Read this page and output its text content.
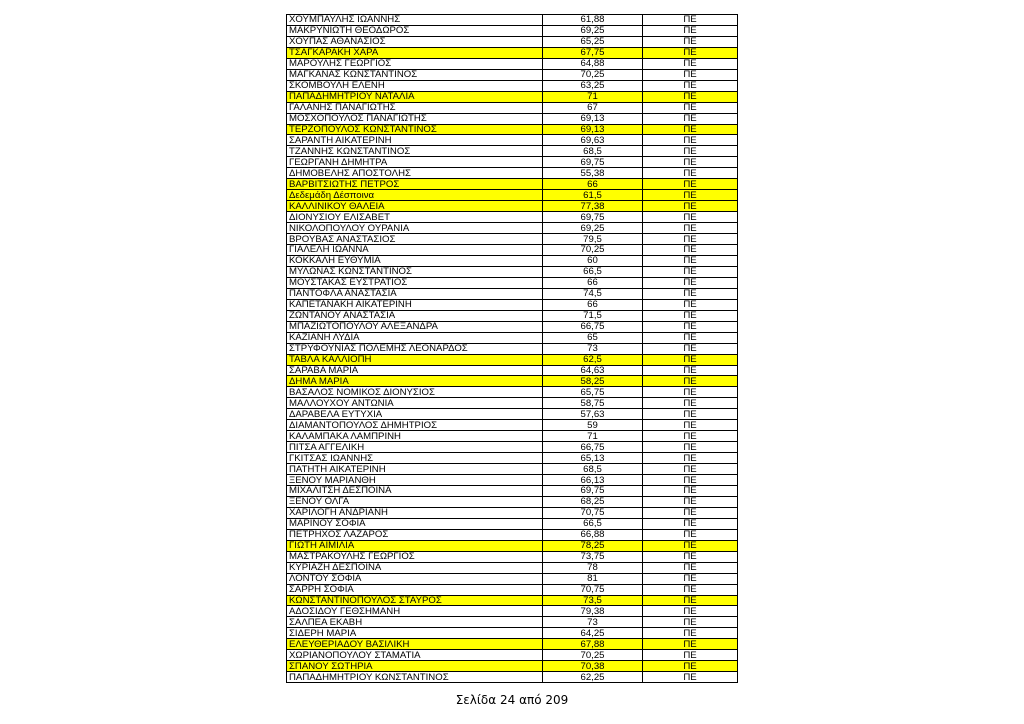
ΧΟΥΜΠΑΥΛΗΣ ΙΩΑΝΝΗΣ	61,88	ΠΕ
ΜΑΚΡΥΝΙΩΤΗ ΘΕΟΔΩΡΟΣ	69,25	ΠΕ
ΧΟΥΠΑΣ ΑΘΑΝΑΣΙΟΣ	65,25	ΠΕ
ΤΣΑΓΚΑΡΑΚΗ ΧΑΡΑ	67,75	ΠΕ
ΜΑΡΟΥΛΗΣ ΓΕΩΡΓΙΟΣ	64,88	ΠΕ
ΜΑΓΚΑΝΑΣ ΚΩΝΣΤΑΝΤΙΝΟΣ	70,25	ΠΕ
ΣΚΟΜΒΟΥΛΗ ΕΛΕΝΗ	63,25	ΠΕ
ΠΑΠΑΔΗΜΗΤΡΙΟΥ ΝΑΤΑΛΙΑ	71	ΠΕ
ΓΑΛΑΝΗΣ ΠΑΝΑΓΙΩΤΗΣ	67	ΠΕ
ΜΟΣΧΟΠΟΥΛΟΣ ΠΑΝΑΓΙΩΤΗΣ	69,13	ΠΕ
ΤΕΡΖΟΠΟΥΛΟΣ ΚΩΝΣΤΑΝΤΙΝΟΣ	69,13	ΠΕ
ΣΑΡΑΝΤΗ ΑΙΚΑΤΕΡΙΝΗ	69,63	ΠΕ
ΤΖΑΝΝΗΣ ΚΩΝΣΤΑΝΤΙΝΟΣ	68,5	ΠΕ
ΓΕΩΡΓΑΝΗ ΔΗΜΗΤΡΑ	69,75	ΠΕ
ΔΗΜΟΒΕΛΗΣ ΑΠΟΣΤΟΛΗΣ	55,38	ΠΕ
ΒΑΡΒΙΤΣΙΩΤΗΣ ΠΕΤΡΟΣ	66	ΠΕ
Δεδεμάδη Δέσποινα	61,5	ΠΕ
ΚΑΛΛΙΝΙΚΟΥ ΘΑΛΕΙΑ	77,38	ΠΕ
ΔΙΟΝΥΣΙΟΥ ΕΛΙΣΑΒΕΤ	69,75	ΠΕ
ΝΙΚΟΛΟΠΟΥΛΟΥ ΟΥΡΑΝΙΑ	69,25	ΠΕ
ΒΡΟΥΒΑΣ ΑΝΑΣΤΑΣΙΟΣ	79,5	ΠΕ
ΓΙΑΛΕΛΗ ΙΩΑΝΝΑ	70,25	ΠΕ
ΚΟΚΚΑΛΗ ΕΥΘΥΜΙΑ	60	ΠΕ
ΜΥΛΩΝΑΣ ΚΩΝΣΤΑΝΤΙΝΟΣ	66,5	ΠΕ
ΜΟΥΣΤΑΚΑΣ ΕΥΣΤΡΑΤΙΟΣ	66	ΠΕ
ΠΑΝΤΟΦΛΑ ΑΝΑΣΤΑΣΙΑ	74,5	ΠΕ
ΚΑΠΕΤΑΝΑΚΗ ΑΙΚΑΤΕΡΙΝΗ	66	ΠΕ
ΖΩΝΤΑΝΟΥ ΑΝΑΣΤΑΣΙΑ	71,5	ΠΕ
ΜΠΑΖΙΩΤΟΠΟΥΛΟΥ ΑΛΕΞΑΝΔΡΑ	66,75	ΠΕ
ΚΑΖΙΑΝΗ ΛΥΔΙΑ	65	ΠΕ
ΣΤΡΥΦΟΥΝΙΑΣ ΠΟΛΕΜΗΣ ΛΕΟΝΑΡΔΟΣ	73	ΠΕ
ΤΑΒΛΑ ΚΑΛΛΙΟΠΗ	62,5	ΠΕ
ΣΑΡΑΒΑ ΜΑΡΙΑ	64,63	ΠΕ
ΔΗΜΑ ΜΑΡΙΑ	58,25	ΠΕ
ΒΑΣΑΛΟΣ ΝΟΜΙΚΟΣ ΔΙΟΝΥΣΙΟΣ	65,75	ΠΕ
ΜΑΛΛΟΥΧΟΥ ΑΝΤΩΝΙΑ	58,75	ΠΕ
ΔΑΡΑΒΕΛΑ ΕΥΤΥΧΙΑ	57,63	ΠΕ
ΔΙΑΜΑΝΤΟΠΟΥΛΟΣ ΔΗΜΗΤΡΙΟΣ	59	ΠΕ
ΚΑΛΑΜΠΑΚΑ ΛΑΜΠΡΙΝΗ	71	ΠΕ
ΠΙΤΣΑ ΑΓΓΕΛΙΚΗ	66,75	ΠΕ
ΓΚΙΤΣΑΣ ΙΩΑΝΝΗΣ	65,13	ΠΕ
ΠΑΤΗΤΗ ΑΙΚΑΤΕΡΙΝΗ	68,5	ΠΕ
ΞΕΝΟΥ ΜΑΡΙΑΝΘΗ	66,13	ΠΕ
ΜΙΧΑΛΙΤΣΗ ΔΕΣΠΟΙΝΑ	69,75	ΠΕ
ΞΕΝΟΥ ΟΛΓΑ	68,25	ΠΕ
ΧΑΡΙΛΟΓΗ ΑΝΔΡΙΑΝΗ	70,75	ΠΕ
ΜΑΡΙΝΟΥ ΣΟΦΙΑ	66,5	ΠΕ
ΠΕΤΡΗΧΟΣ ΛΑΖΑΡΟΣ	66,88	ΠΕ
ΓΙΩΤΗ ΑΙΜΙΛΙΑ	78,25	ΠΕ
ΜΑΣΤΡΑΚΟΥΛΗΣ ΓΕΩΡΓΙΟΣ	73,75	ΠΕ
ΚΥΡΙΑΖΗ ΔΕΣΠΟΙΝΑ	78	ΠΕ
ΛΟΝΤΟΥ ΣΟΦΙΑ	81	ΠΕ
ΣΑΡΡΗ ΣΟΦΙΑ	70,75	ΠΕ
ΚΩΝΣΤΑΝΤΙΝΟΠΟΥΛΟΣ ΣΤΑΥΡΟΣ	73,5	ΠΕ
ΑΔΟΣΙΔΟΥ ΓΕΘΣΗΜΑΝΗ	79,38	ΠΕ
ΣΑΛΠΕΑ ΕΚΑΒΗ	73	ΠΕ
ΣΙΔΕΡΗ ΜΑΡΙΑ	64,25	ΠΕ
ΕΛΕΥΘΕΡΙΑΔΟΥ ΒΑΣΙΛΙΚΗ	67,88	ΠΕ
ΧΩΡΙΑΝΟΠΟΥΛΟΥ ΣΤΑΜΑΤΙΑ	70,25	ΠΕ
ΣΠΑΝΟΥ ΣΩΤΗΡΙΑ	70,38	ΠΕ
ΠΑΠΑΔΗΜΗΤΡΙΟΥ ΚΩΝΣΤΑΝΤΙΝΟΣ	62,25	ΠΕ
Σελίδα 24 από 209
